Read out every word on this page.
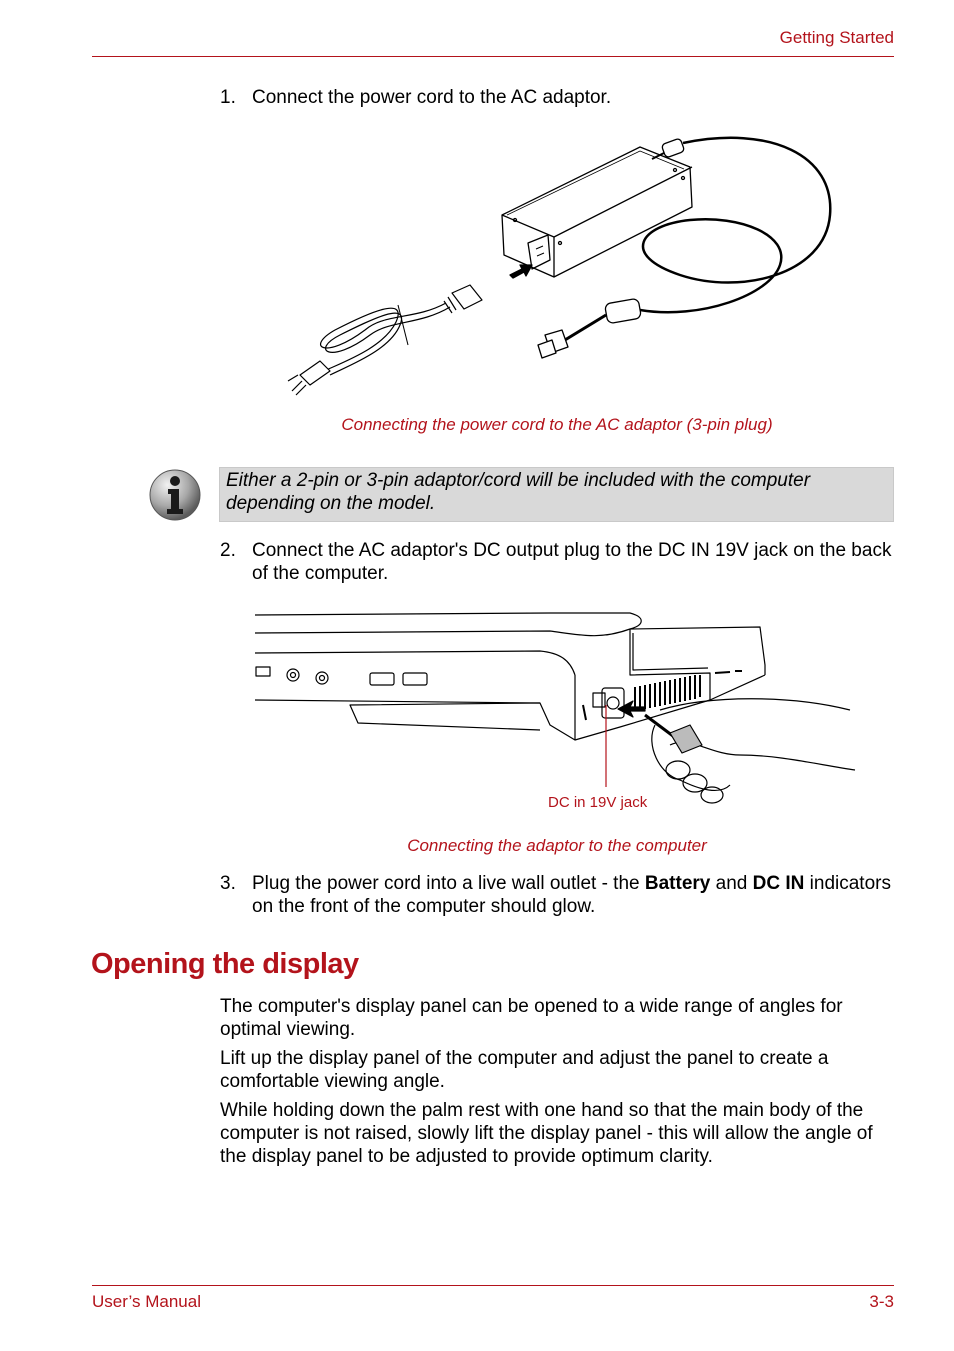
Getting Started
1. Connect the power cord to the AC adaptor.
Connecting the power cord to the AC adaptor (3-pin plug)
Either a 2-pin or 3-pin adaptor/cord will be included with the computer depending on the model.
2. Connect the AC adaptor's DC output plug to the DC IN 19V jack on the back of the computer.
DC in 19V jack
Connecting the adaptor to the computer
3. Plug the power cord into a live wall outlet - the Battery and DC IN indicators on the front of the computer should glow.
Opening the display
The computer's display panel can be opened to a wide range of angles for optimal viewing.
Lift up the display panel of the computer and adjust the panel to create a comfortable viewing angle.
While holding down the palm rest with one hand so that the main body of the computer is not raised, slowly lift the display panel - this will allow the angle of the display panel to be adjusted to provide optimum clarity.
User’s Manual	3-3
